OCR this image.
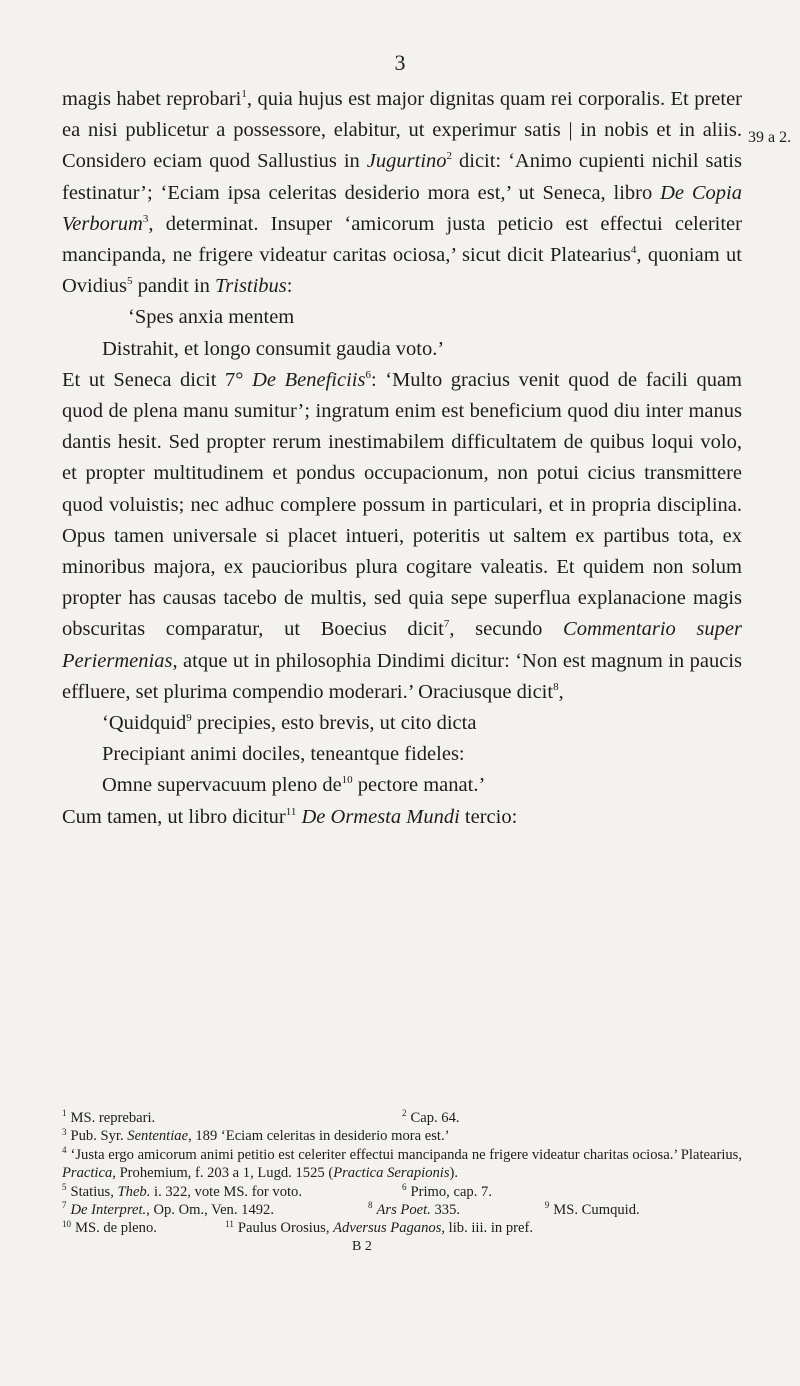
3
39 a 2.

magis habet reprobari$^1$, quia hujus est major dignitas quam rei corporalis. Et preter ea nisi publicetur a possessore, elabitur, ut experimur satis | in nobis et in aliis. Considero eciam quod Sallustius in Jugurtino$^2$ dicit: ‘Animo cupienti nichil satis festinatur’; ‘Eciam ipsa celeritas desiderio mora est,’ ut Seneca, libro De Copia Verborum$^3$, determinat. Insuper ‘amicorum justa peticio est effectui celeriter mancipanda, ne frigere videatur caritas ociosa,’ sicut dicit Platearius$^4$, quoniam ut Ovidius$^5$ pandit in Tristibus:

‘Spes anxia mentem
Distrahit, et longo consumit gaudia voto.’

Et ut Seneca dicit 7° De Beneficiis$^6$: ‘Multo gracius venit quod de facili quam quod de plena manu sumitur’; ingratum enim est beneficium quod diu inter manus dantis hesit. Sed propter rerum inestimabilem difficultatem de quibus loqui volo, et propter multitudinem et pondus occupacionum, non potui cicius transmittere quod voluistis; nec adhuc complere possum in particulari, et in propria disciplina. Opus tamen universale si placet intueri, poteritis ut saltem ex partibus tota, ex minoribus majora, ex paucioribus plura cogitare valeatis. Et quidem non solum propter has causas tacebo de multis, sed quia sepe superflua explanacione magis obscuritas comparatur, ut Boecius dicit$^7$, secundo Commentario super Periermenias, atque ut in philosophia Dindimi dicitur: ‘Non est magnum in paucis effluere, set plurima compendio moderari.’ Oraciusque dicit$^8$,

‘Quidquid$^9$ precipies, esto brevis, ut cito dicta
Precipiant animi dociles, teneantque fideles:
Omne supervacuum pleno $de^{10}$ pectore manat.’

Cum tamen, ut libro dicitur$^{11}$ De Ormesta Mundi tercio:

$^1$ MS. reprebari.	$^2$ Cap. 64.
$^3$ Pub. Syr. Sententiae, 189 ‘Eciam celeritas in desiderio mora est.’
$^4$ ‘Justa ergo amicorum animi petitio est celeriter effectui mancipanda ne frigere videatur charitas ociosa.’ Platearius, Practica, Prohemium, f. 203 a 1, Lugd. 1525 (Practica Serapionis).
$^5$ Statius, Theb. i. 322, vote MS. for voto.	$^6$ Primo, cap. 7.
$^7$ De Interpret., Op. Om., Ven. 1492.	$^8$ Ars Poet. 335.	$^9$ MS. Cumquid.
$^{10}$ MS. de pleno.	$^{11}$ Paulus Orosius, Adversus Paganos, lib. iii. in pref.
B 2
